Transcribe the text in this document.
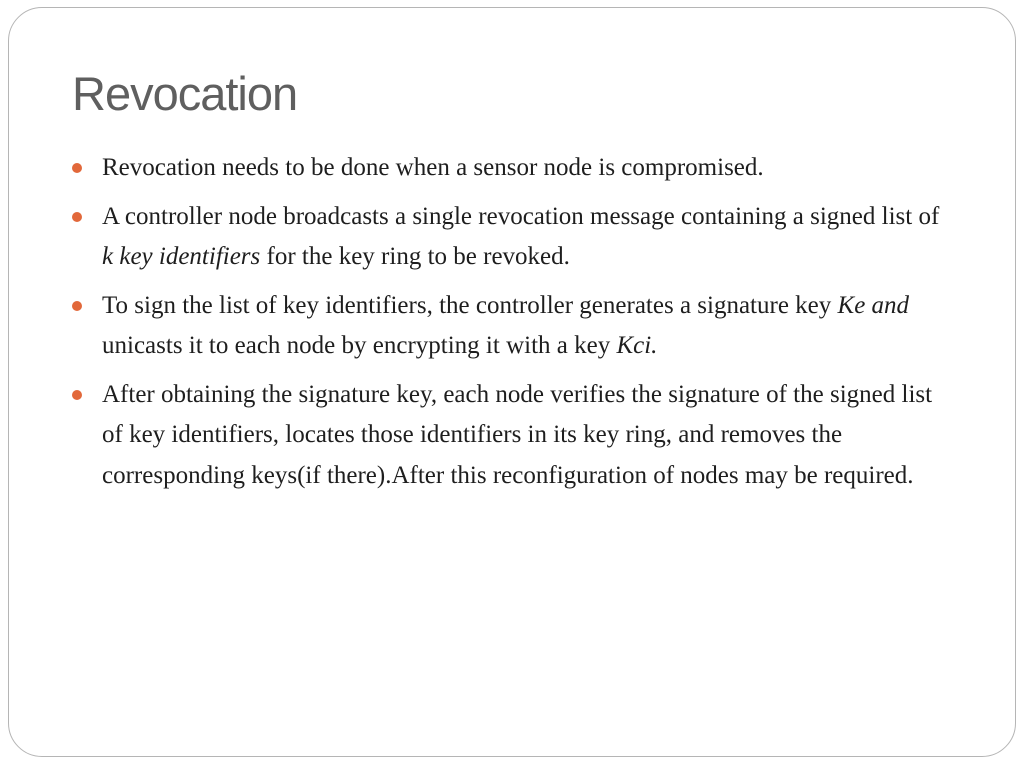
Revocation
Revocation needs to be done when a sensor node is compromised.
A controller node broadcasts a single revocation message containing a signed list of k key identifiers for the key ring to be revoked.
To sign the list of key identifiers, the controller generates a signature key Ke and unicasts it to each node by encrypting it with a key Kci.
After obtaining the signature key, each node verifies the signature of the signed list of key identifiers, locates those identifiers in its key ring, and removes the corresponding keys(if there).After this reconfiguration of nodes may be required.
